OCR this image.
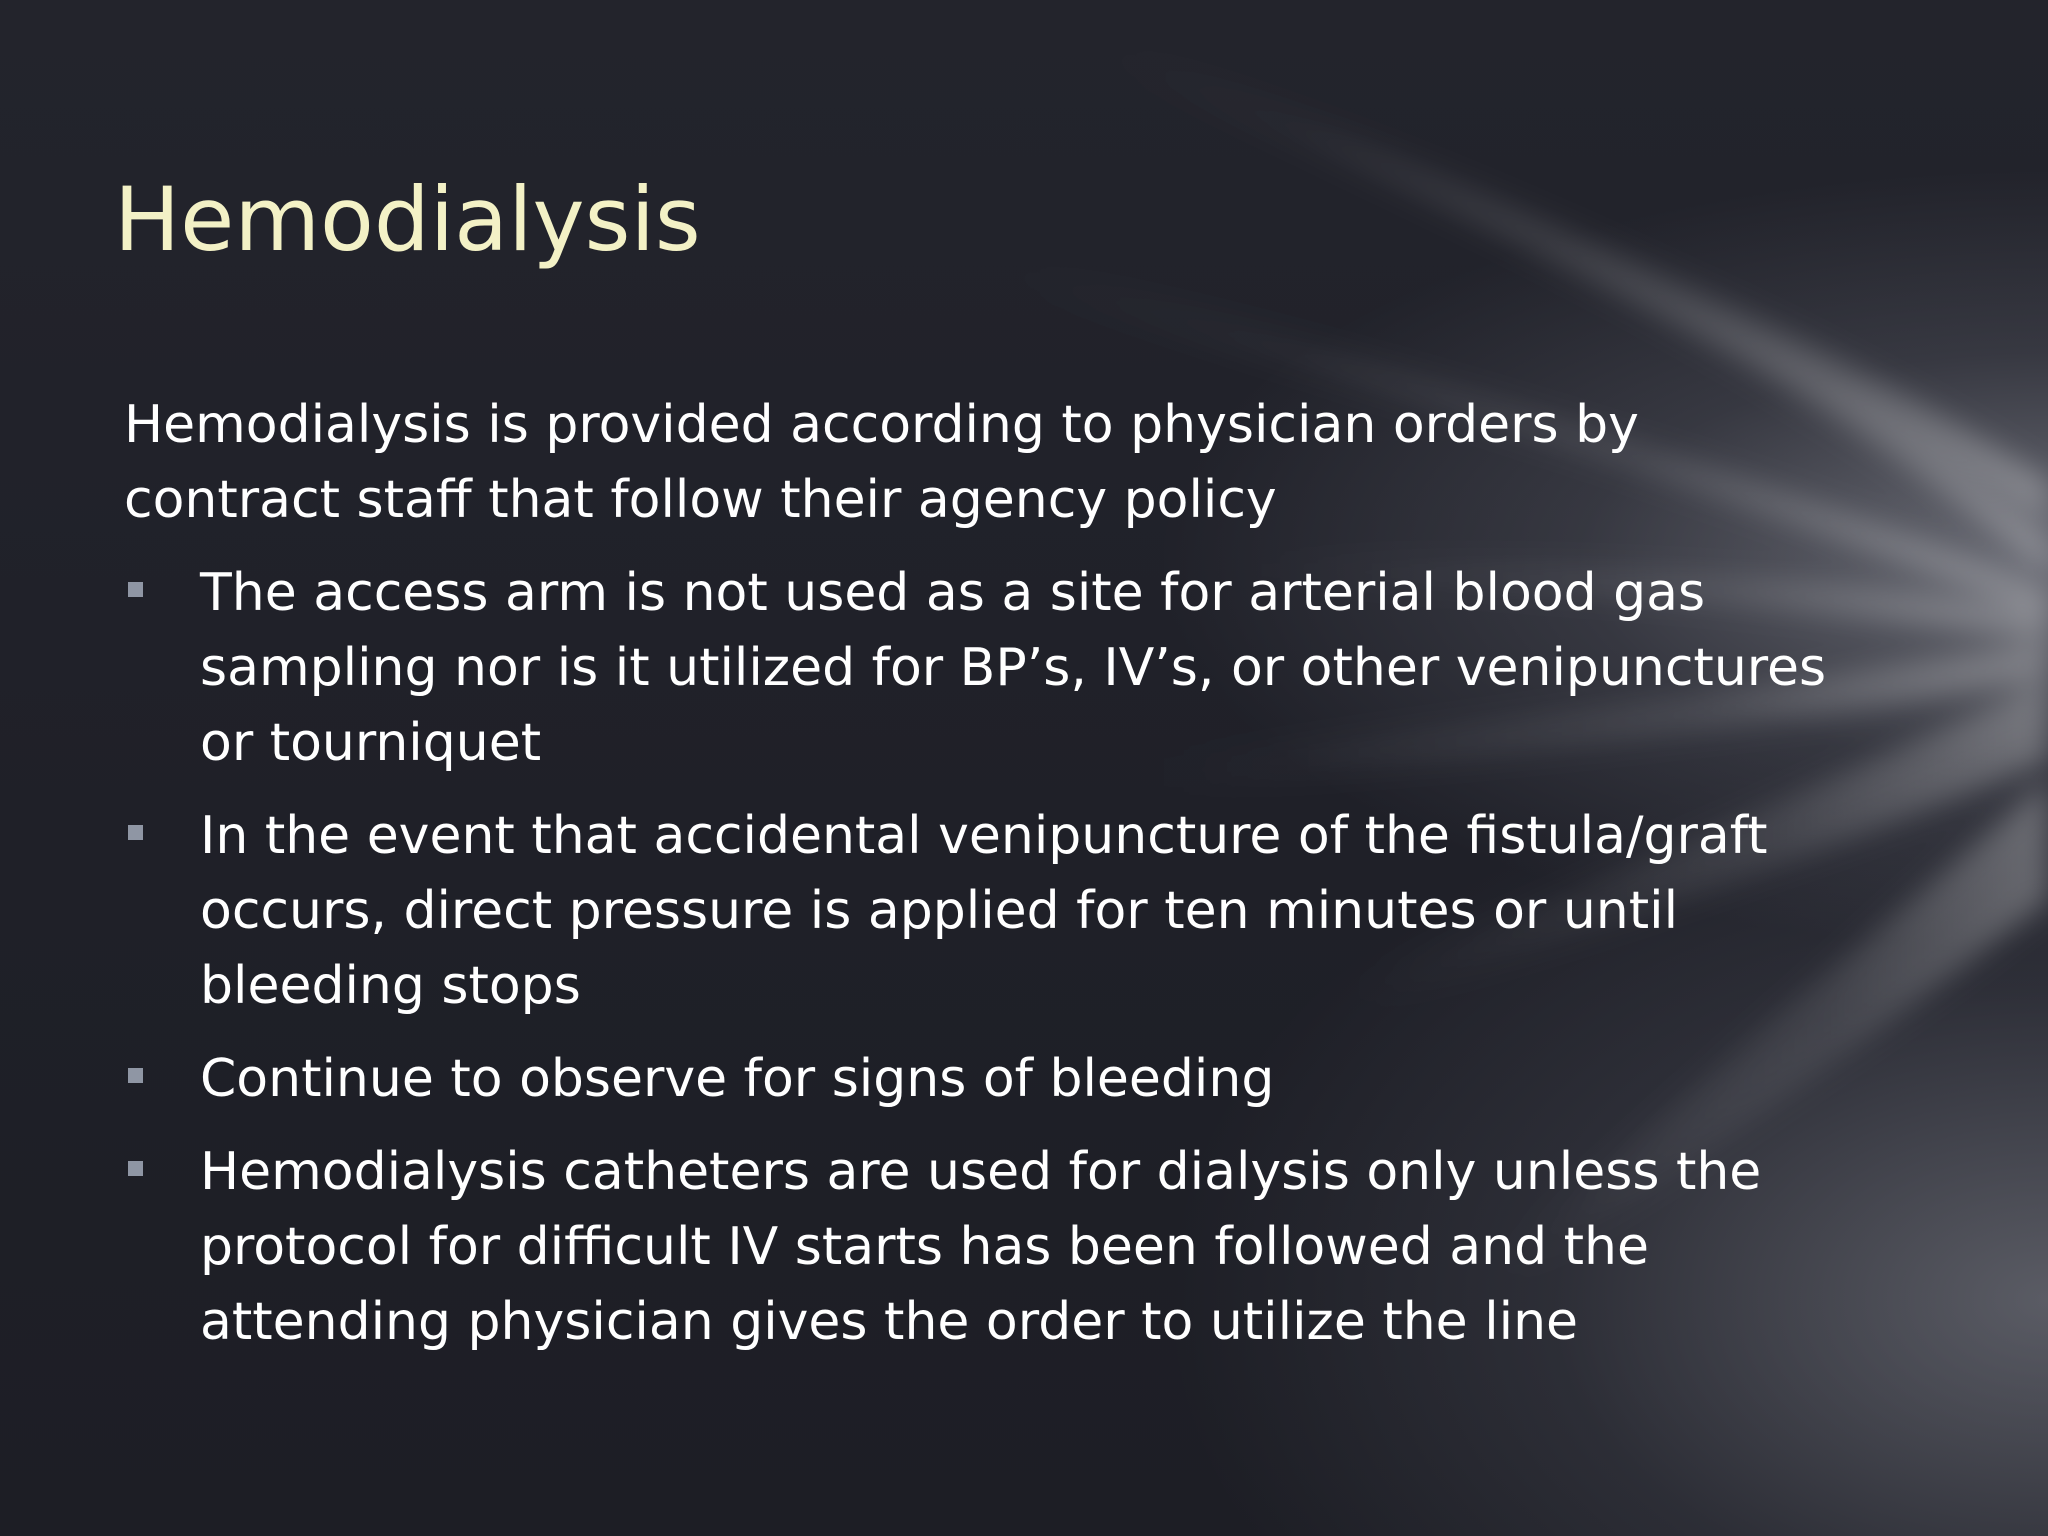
Hemodialysis

Hemodialysis is provided according to physician orders by contract staff that follow their agency policy

The access arm is not used as a site for arterial blood gas sampling nor is it utilized for BP’s, IV’s, or other venipunctures or tourniquet
In the event that accidental venipuncture of the fistula/graft occurs, direct pressure is applied for ten minutes or until bleeding stops
Continue to observe for signs of bleeding
Hemodialysis catheters are used for dialysis only unless the protocol for difficult IV starts has been followed and the attending physician gives the order to utilize the line
